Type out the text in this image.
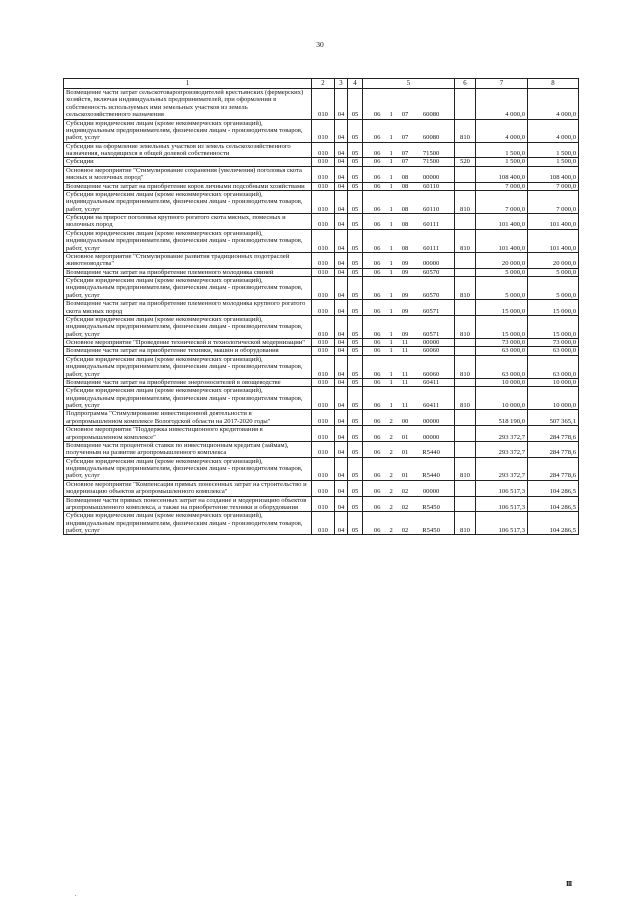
30
1	2	3	4	5	6	7	8
Возмещение части затрат сельскотоваропроизводителей крестьянских (фермерских) хозяйств, включая индивидуальных предпринимателей, при оформлении в собственность используемых ими земельных участков из земель сельскохозяйственного назначения	010	04	05	06 1 07 60080		4 000,0	4 000,0
Субсидии юридическим лицам (кроме некоммерческих организаций), индивидуальным предпринимателям, физическим лицам - производителям товаров, работ, услуг	010	04	05	06 1 07 60080	810	4 000,0	4 000,0
Субсидии на оформление земельных участков из земель сельскохозяйственного назначения, находящихся в общей долевой собственности	010	04	05	06 1 07 71500		1 500,0	1 500,0
Субсидии	010	04	05	06 1 07 71500	520	1 500,0	1 500,0
Основное мероприятие "Стимулирование сохранения (увеличения) поголовья скота мясных и молочных пород"	010	04	05	06 1 08 00000		108 400,0	108 400,0
Возмещение части затрат на приобретение коров личными подсобными хозяйствами	010	04	05	06 1 08 60110		7 000,0	7 000,0
Субсидии юридическим лицам (кроме некоммерческих организаций), индивидуальным предпринимателям, физическим лицам - производителям товаров, работ, услуг	010	04	05	06 1 08 60110	810	7 000,0	7 000,0
Субсидии на прирост поголовья крупного рогатого скота мясных, помесных и молочных пород	010	04	05	06 1 08 60111		101 400,0	101 400,0
Субсидии юридическим лицам (кроме некоммерческих организаций), индивидуальным предпринимателям, физическим лицам - производителям товаров, работ, услуг	010	04	05	06 1 08 60111	810	101 400,0	101 400,0
Основное мероприятие "Стимулирование развития традиционных подотраслей животноводства"	010	04	05	06 1 09 00000		20 000,0	20 000,0
Возмещение части затрат на приобретение племенного молодняка свиней	010	04	05	06 1 09 60570		5 000,0	5 000,0
Субсидии юридическим лицам (кроме некоммерческих организаций), индивидуальным предпринимателям, физическим лицам - производителям товаров, работ, услуг	010	04	05	06 1 09 60570	810	5 000,0	5 000,0
Возмещение части затрат на приобретение племенного молодняка крупного рогатого скота мясных пород	010	04	05	06 1 09 60571		15 000,0	15 000,0
Субсидии юридическим лицам (кроме некоммерческих организаций), индивидуальным предпринимателям, физическим лицам - производителям товаров, работ, услуг	010	04	05	06 1 09 60571	810	15 000,0	15 000,0
Основное мероприятие "Проведение технической и технологической модернизации"	010	04	05	06 1 11 00000		73 000,0	73 000,0
Возмещение части затрат на приобретение техники, машин и оборудования	010	04	05	06 1 11 60060		63 000,0	63 000,0
Субсидии юридическим лицам (кроме некоммерческих организаций), индивидуальным предпринимателям, физическим лицам - производителям товаров, работ, услуг	010	04	05	06 1 11 60060	810	63 000,0	63 000,0
Возмещение части затрат на приобретение энергоносителей в овощеводстве	010	04	05	06 1 11 60411		10 000,0	10 000,0
Субсидии юридическим лицам (кроме некоммерческих организаций), индивидуальным предпринимателям, физическим лицам - производителям товаров, работ, услуг	010	04	05	06 1 11 60411	810	10 000,0	10 000,0
Подпрограмма "Стимулирование инвестиционной деятельности в агропромышленном комплексе Вологодской области на 2017-2020 годы"	010	04	05	06 2 00 00000		518 190,0	507 365,1
Основное мероприятие "Поддержка инвестиционного кредитования в агропромышленном комплексе"	010	04	05	06 2 01 00000		293 372,7	284 778,6
Возмещение части процентной ставки по инвестиционным кредитам (займам), полученным на развитие агропромышленного комплекса	010	04	05	06 2 01 R5440		293 372,7	284 778,6
Субсидии юридическим лицам (кроме некоммерческих организаций), индивидуальным предпринимателям, физическим лицам - производителям товаров, работ, услуг	010	04	05	06 2 01 R5440	810	293 372,7	284 778,6
Основное мероприятие "Компенсация прямых понесенных затрат на строительство и модернизацию объектов агропромышленного комплекса"	010	04	05	06 2 02 00000		106 517,3	104 286,5
Возмещение части прямых понесенных затрат на создание и модернизацию объектов агропромышленного комплекса, а также на приобретение техники и оборудования	010	04	05	06 2 02 R5450		106 517,3	104 286,5
Субсидии юридическим лицам (кроме некоммерческих организаций), индивидуальным предпринимателям, физическим лицам - производителям товаров, работ, услуг	010	04	05	06 2 02 R5450	810	106 517,3	104 286,5
.
III
